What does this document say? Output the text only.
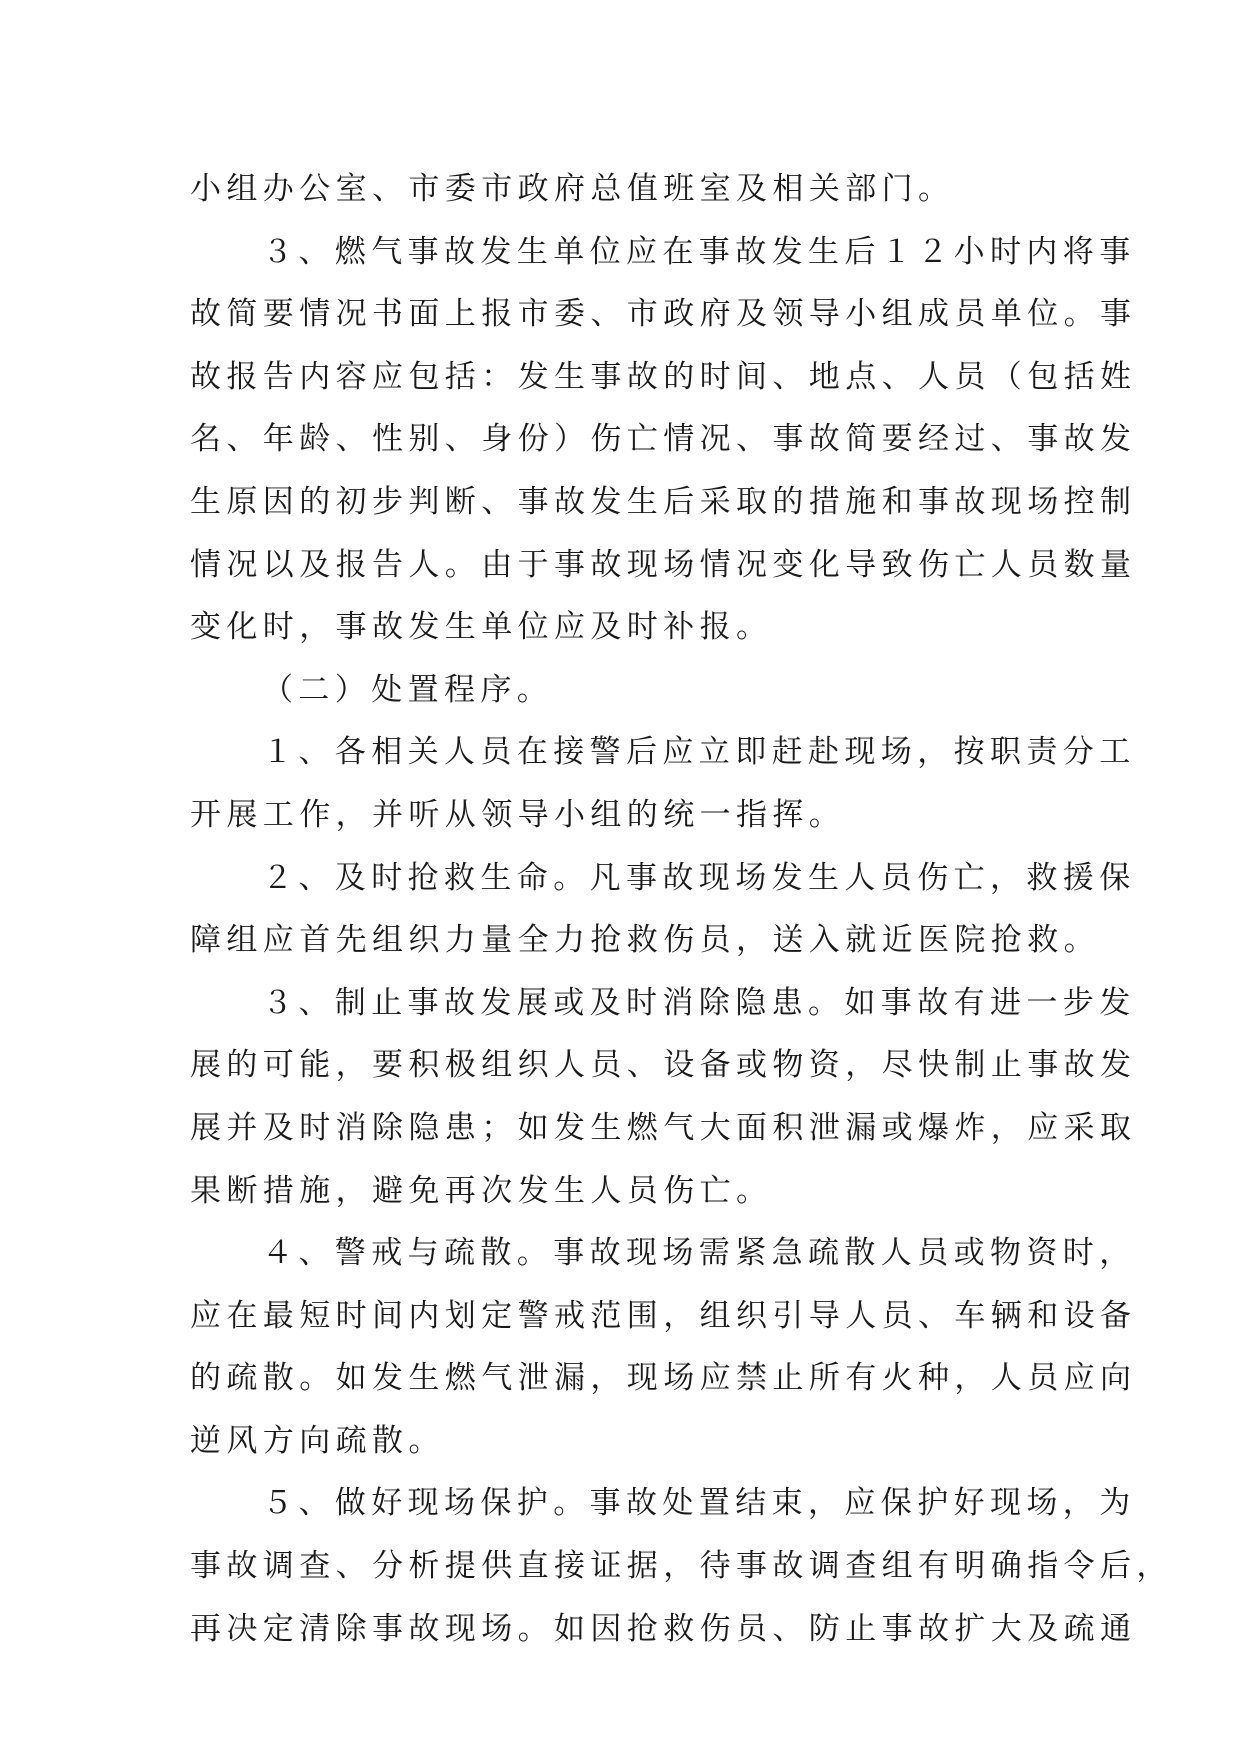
小组办公室、市委市政府总值班室及相关部门。
３、燃气事故发生单位应在事故发生后１２小时内将事
故简要情况书面上报市委、市政府及领导小组成员单位。事
故报告内容应包括：发生事故的时间、地点、人员（包括姓
名、年龄、性别、身份）伤亡情况、事故简要经过、事故发
生原因的初步判断、事故发生后采取的措施和事故现场控制
情况以及报告人。由于事故现场情况变化导致伤亡人员数量
变化时，事故发生单位应及时补报。
（二）处置程序。
１、各相关人员在接警后应立即赶赴现场，按职责分工
开展工作，并听从领导小组的统一指挥。
２、及时抢救生命。凡事故现场发生人员伤亡，救援保
障组应首先组织力量全力抢救伤员，送入就近医院抢救。
３、制止事故发展或及时消除隐患。如事故有进一步发
展的可能，要积极组织人员、设备或物资，尽快制止事故发
展并及时消除隐患；如发生燃气大面积泄漏或爆炸，应采取
果断措施，避免再次发生人员伤亡。
４、警戒与疏散。事故现场需紧急疏散人员或物资时，
应在最短时间内划定警戒范围，组织引导人员、车辆和设备
的疏散。如发生燃气泄漏，现场应禁止所有火种，人员应向
逆风方向疏散。
５、做好现场保护。事故处置结束，应保护好现场，为
事故调查、分析提供直接证据，待事故调查组有明确指令后，
再决定清除事故现场。如因抢救伤员、防止事故扩大及疏通
